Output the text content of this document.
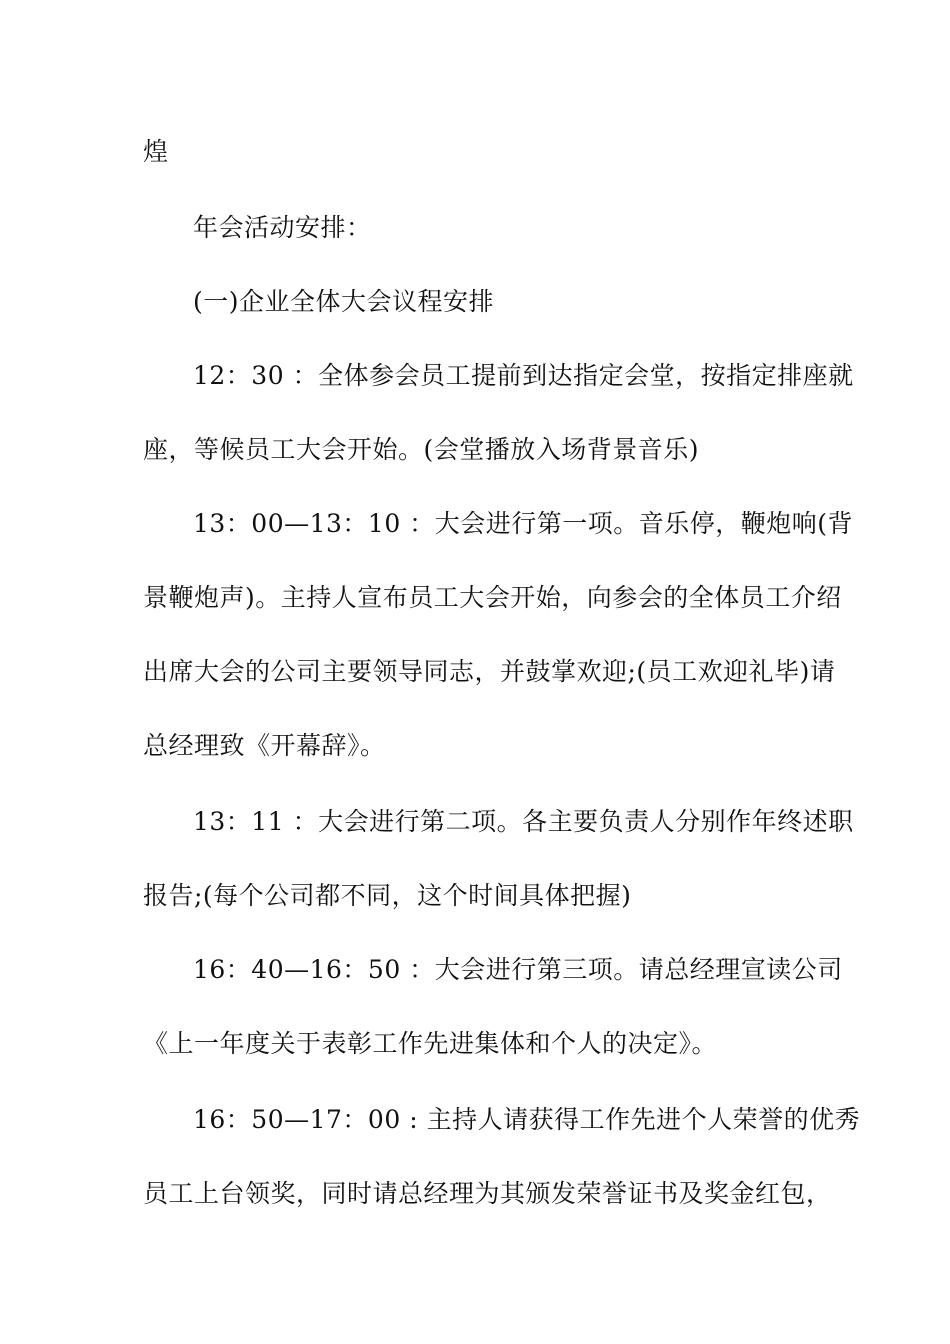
煌
年会活动安排：
(一)企业全体大会议程安排
12：30 ：全体参会员工提前到达指定会堂，按指定排座就
座，等候员工大会开始。(会堂播放入场背景音乐)
13：00—13：10 ：大会进行第一项。音乐停，鞭炮响(背
景鞭炮声)。主持人宣布员工大会开始，向参会的全体员工介绍
出席大会的公司主要领导同志，并鼓掌欢迎;(员工欢迎礼毕)请
总经理致《开幕辞》。
13：11 ：大会进行第二项。各主要负责人分别作年终述职
报告;(每个公司都不同，这个时间具体把握)
16：40—16：50 ：大会进行第三项。请总经理宣读公司
《上一年度关于表彰工作先进集体和个人的决定》。
16：50—17：00 : 主持人请获得工作先进个人荣誉的优秀
员工上台领奖，同时请总经理为其颁发荣誉证书及奖金红包，
